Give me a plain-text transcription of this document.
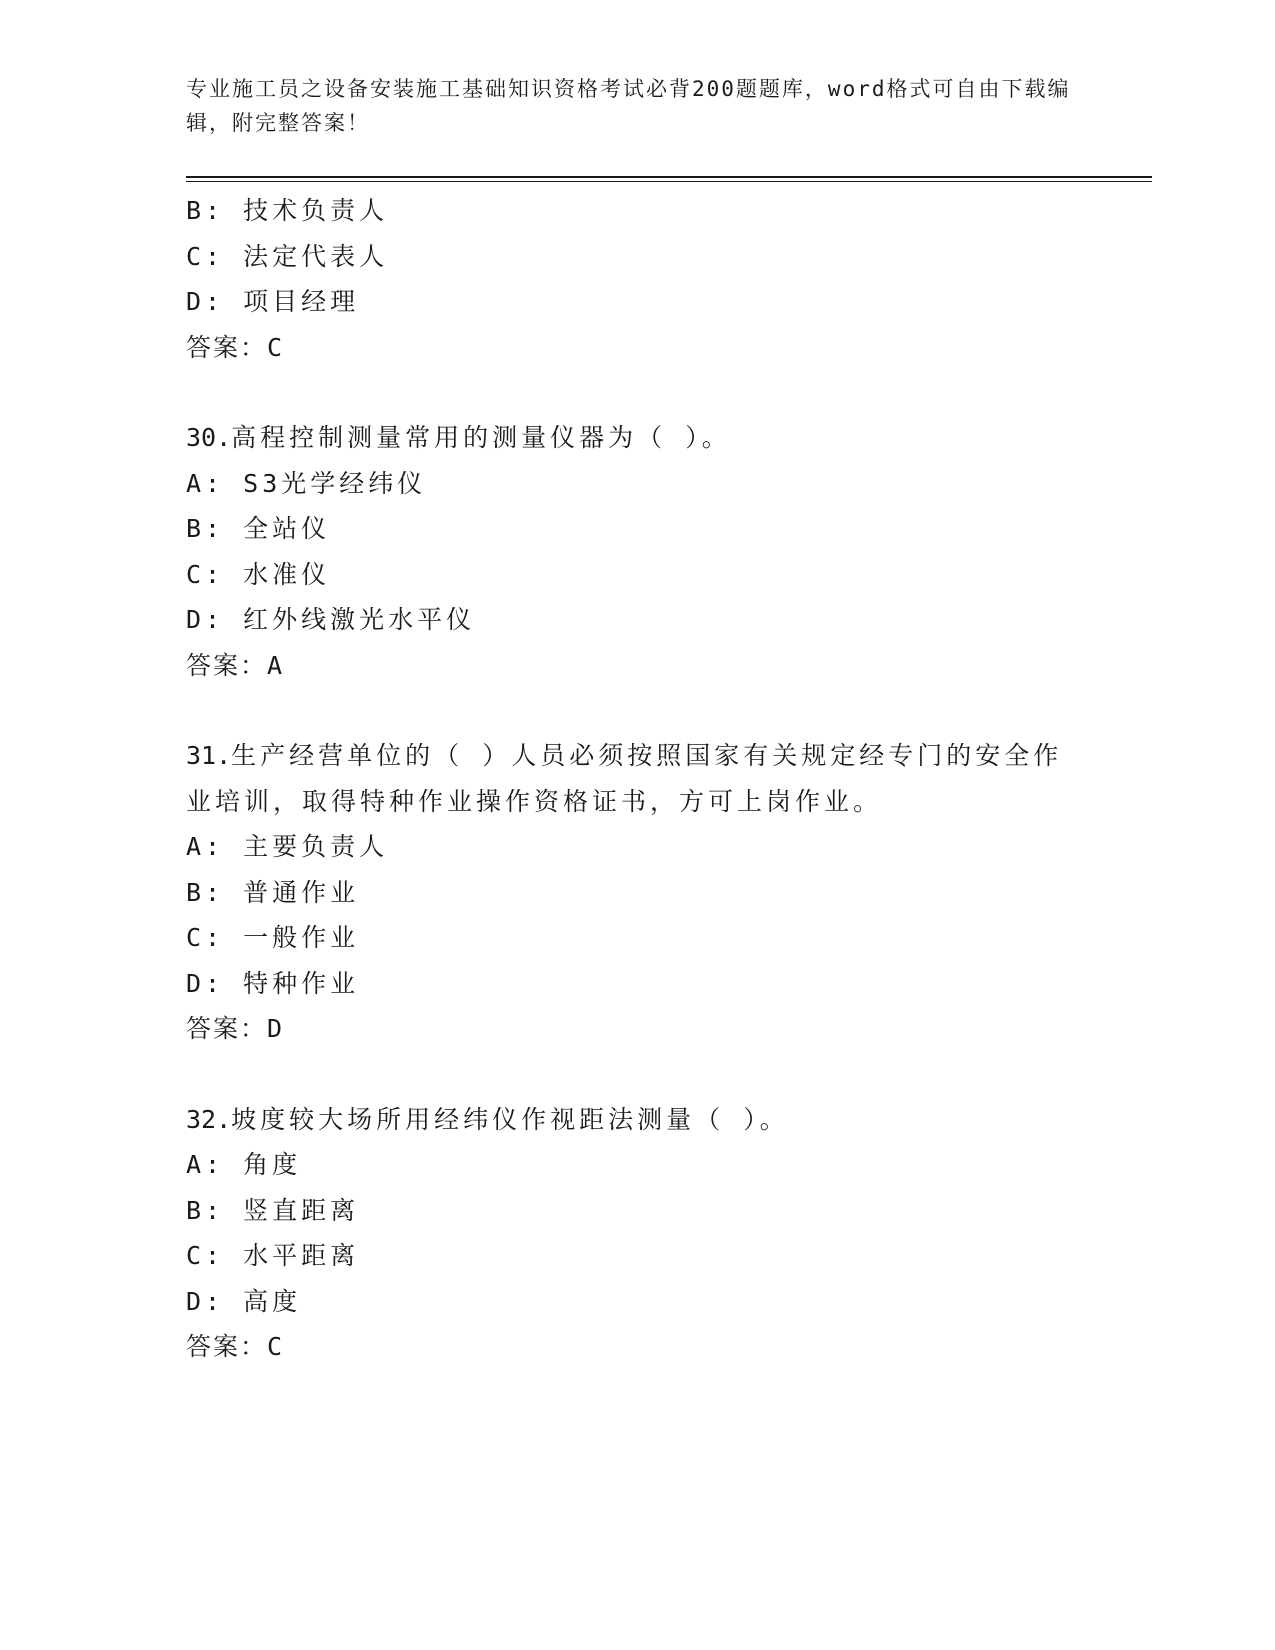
专业施工员之设备安装施工基础知识资格考试必背200题题库，word格式可自由下载编辑，附完整答案！
B: 技术负责人
C: 法定代表人
D: 项目经理
答案：C
30.高程控制测量常用的测量仪器为（ ）。
A: S3光学经纬仪
B: 全站仪
C: 水准仪
D: 红外线激光水平仪
答案：A
31.生产经营单位的（ ）人员必须按照国家有关规定经专门的安全作业培训，取得特种作业操作资格证书，方可上岗作业。
A: 主要负责人
B: 普通作业
C: 一般作业
D: 特种作业
答案：D
32.坡度较大场所用经纬仪作视距法测量（ ）。
A: 角度
B: 竖直距离
C: 水平距离
D: 高度
答案：C
